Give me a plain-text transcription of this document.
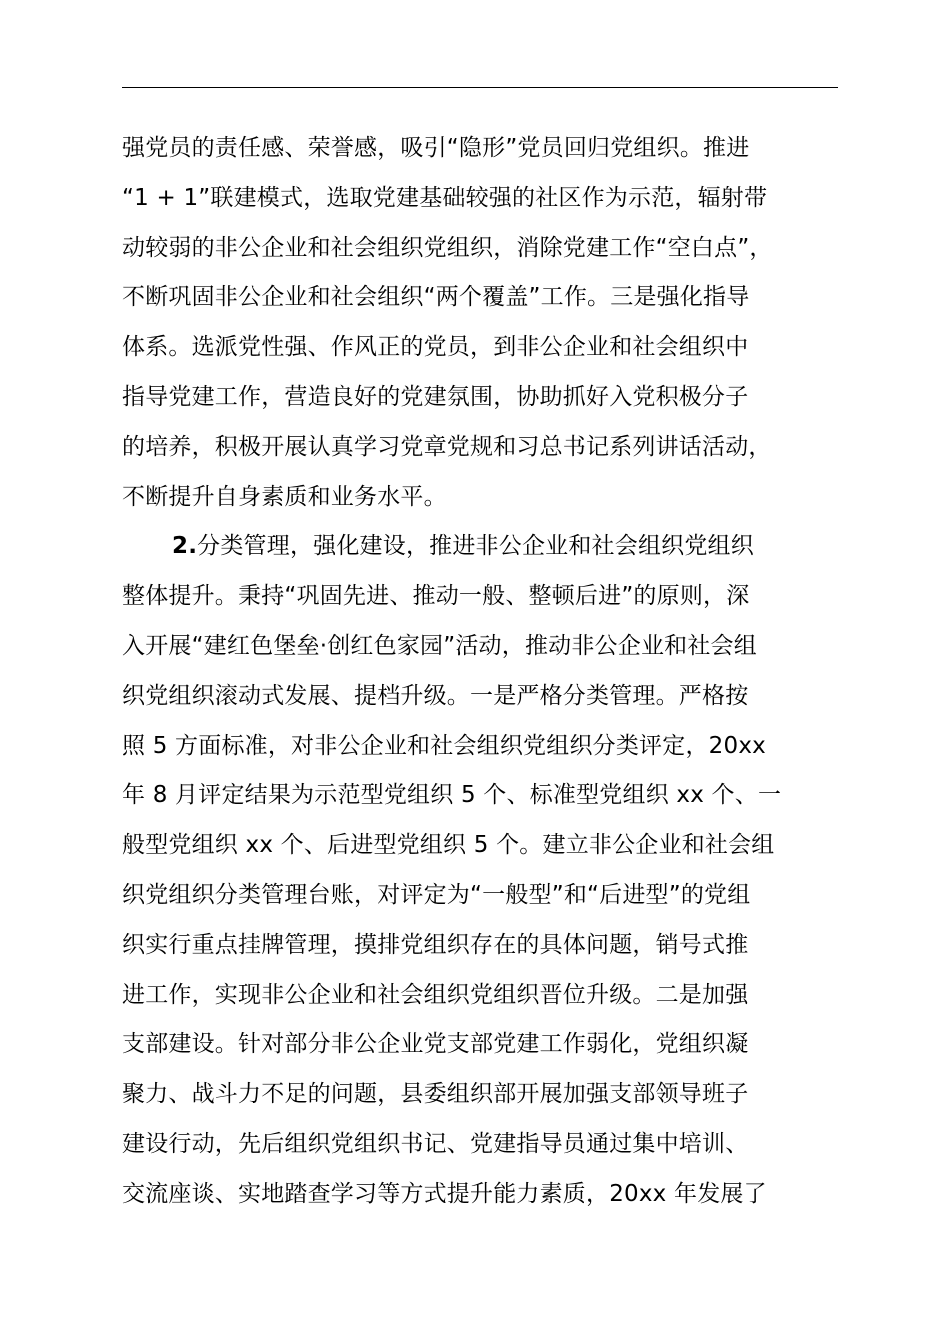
强党员的责任感、荣誉感，吸引“隐形”党员回归党组织。推进
“1 + 1”联建模式，选取党建基础较强的社区作为示范，辐射带
动较弱的非公企业和社会组织党组织，消除党建工作“空白点”，
不断巩固非公企业和社会组织“两个覆盖”工作。三是强化指导
体系。选派党性强、作风正的党员，到非公企业和社会组织中
指导党建工作，营造良好的党建氛围，协助抓好入党积极分子
的培养，积极开展认真学习党章党规和习总书记系列讲话活动，
不断提升自身素质和业务水平。
2.分类管理，强化建设，推进非公企业和社会组织党组织
整体提升。秉持“巩固先进、推动一般、整顿后进”的原则，深
入开展“建红色堡垒·创红色家园”活动，推动非公企业和社会组
织党组织滚动式发展、提档升级。一是严格分类管理。严格按
照 5 方面标准，对非公企业和社会组织党组织分类评定，20xx
年 8 月评定结果为示范型党组织 5 个、标准型党组织 xx 个、一
般型党组织 xx 个、后进型党组织 5 个。建立非公企业和社会组
织党组织分类管理台账，对评定为“一般型”和“后进型”的党组
织实行重点挂牌管理，摸排党组织存在的具体问题，销号式推
进工作，实现非公企业和社会组织党组织晋位升级。二是加强
支部建设。针对部分非公企业党支部党建工作弱化，党组织凝
聚力、战斗力不足的问题，县委组织部开展加强支部领导班子
建设行动，先后组织党组织书记、党建指导员通过集中培训、
交流座谈、实地踏查学习等方式提升能力素质，20xx 年发展了
